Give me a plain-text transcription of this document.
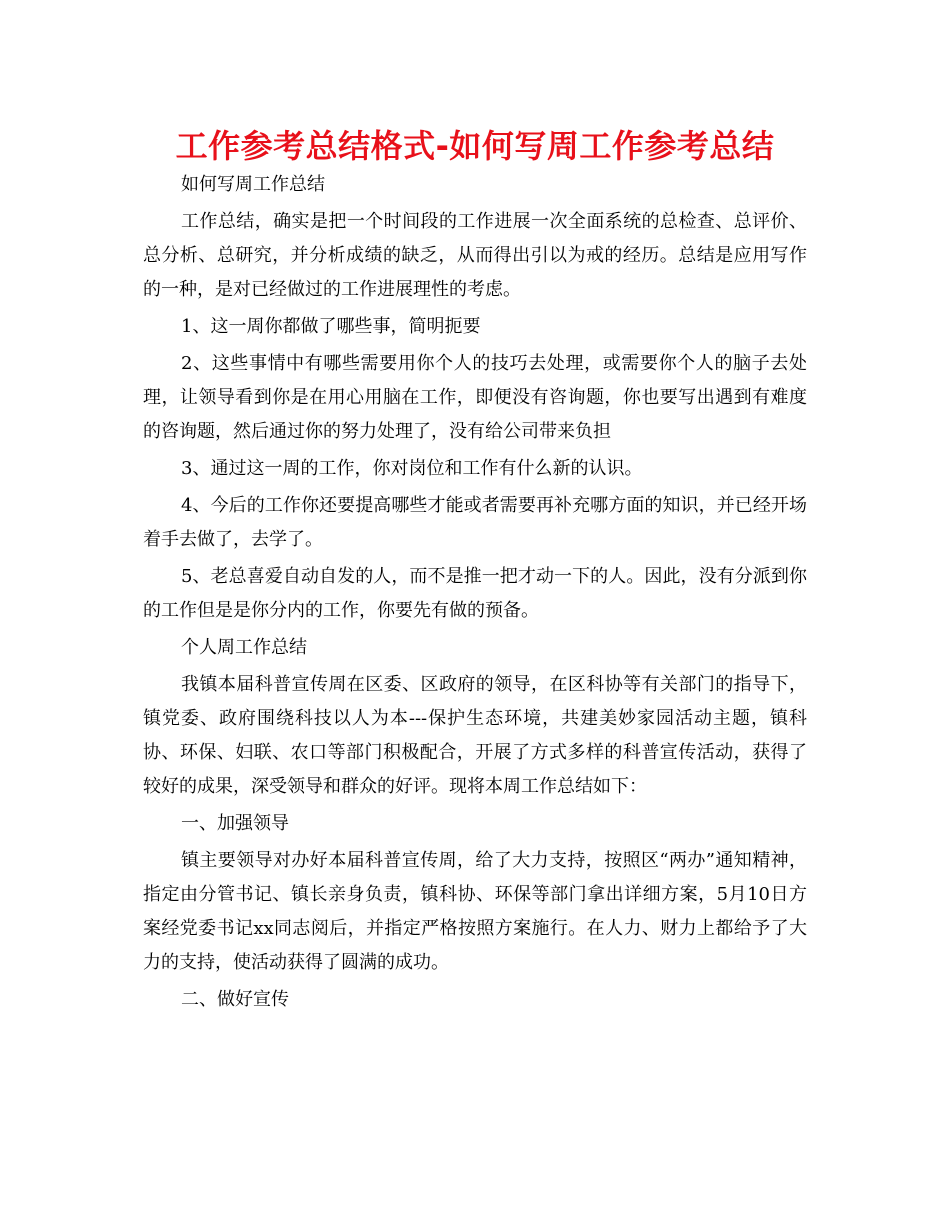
工作参考总结格式-如何写周工作参考总结

如何写周工作总结

工作总结，确实是把一个时间段的工作进展一次全面系统的总检查、总评价、总分析、总研究，并分析成绩的缺乏，从而得出引以为戒的经历。总结是应用写作的一种，是对已经做过的工作进展理性的考虑。

1、这一周你都做了哪些事，简明扼要

2、这些事情中有哪些需要用你个人的技巧去处理，或需要你个人的脑子去处理，让领导看到你是在用心用脑在工作，即便没有咨询题，你也要写出遇到有难度的咨询题，然后通过你的努力处理了，没有给公司带来负担

3、通过这一周的工作，你对岗位和工作有什么新的认识。

4、今后的工作你还要提高哪些才能或者需要再补充哪方面的知识，并已经开场着手去做了，去学了。

5、老总喜爱自动自发的人，而不是推一把才动一下的人。因此，没有分派到你的工作但是是你分内的工作，你要先有做的预备。

个人周工作总结

我镇本届科普宣传周在区委、区政府的领导，在区科协等有关部门的指导下，镇党委、政府围绕科技以人为本---保护生态环境，共建美妙家园活动主题，镇科协、环保、妇联、农口等部门积极配合，开展了方式多样的科普宣传活动，获得了较好的成果，深受领导和群众的好评。现将本周工作总结如下：

一、加强领导

镇主要领导对办好本届科普宣传周，给了大力支持，按照区“两办”通知精神，指定由分管书记、镇长亲身负责，镇科协、环保等部门拿出详细方案，5月10日方案经党委书记xx同志阅后，并指定严格按照方案施行。在人力、财力上都给予了大力的支持，使活动获得了圆满的成功。

二、做好宣传
